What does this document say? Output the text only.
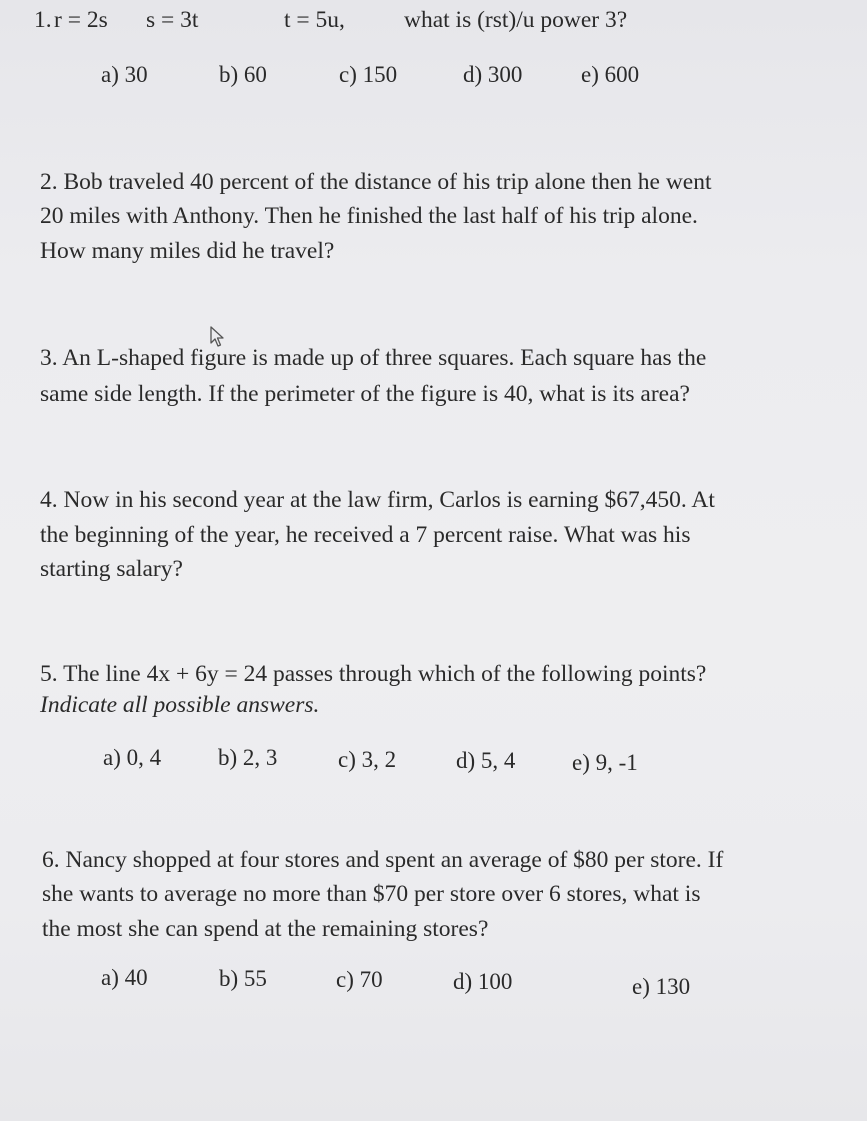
1. r = 2s s = 3t	t = 5u,	what is (rst)/u power 3?
a) 30	b) 60	c) 150	d) 300	e) 600
2. Bob traveled 40 percent of the distance of his trip alone then he went
20 miles with Anthony. Then he finished the last half of his trip alone.
How many miles did he travel?
3. An L-shaped figure is made up of three squares. Each square has the
same side length. If the perimeter of the figure is 40, what is its area?
4. Now in his second year at the law firm, Carlos is earning $67,450. At
the beginning of the year, he received a 7 percent raise. What was his
starting salary?
5. The line 4x + 6y = 24 passes through which of the following points?
Indicate all possible answers.
a) 0, 4 b) 2, 3	c) 3, 2	d) 5, 4 e) 9, -1
6. Nancy shopped at four stores and spent an average of $80 per store. If
she wants to average no more than $70 per store over 6 stores, what is
the most she can spend at the remaining stores?
a) 40	b) 55	c) 70	d) 100	e) 130
